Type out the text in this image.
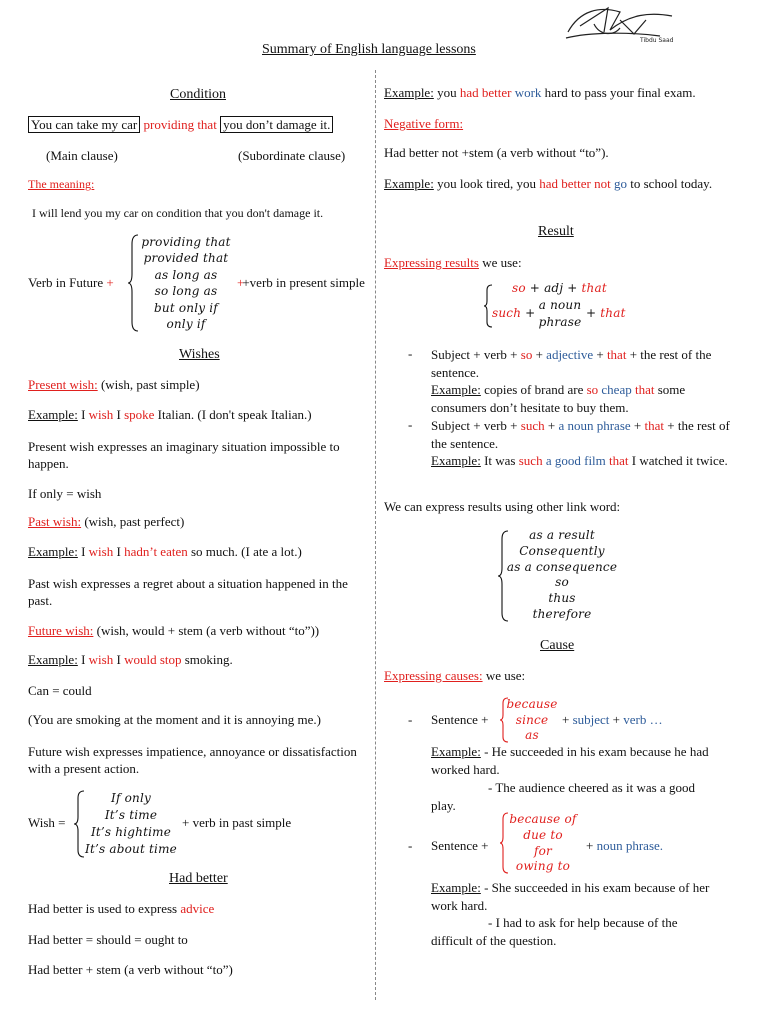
Tibdu Saad
Summary of English language lessons
Condition
You can take my car providing that you don’t damage it.
(Main clause)	(Subordinate clause)
The meaning:
I will lend you my car on condition that you don't damage it.
Verb in Future +
providing that
provided that
as long as
so long as
but only if
only if
++verb in present simple
Wishes
Present wish: (wish, past simple)
Example: I wish I spoke Italian. (I don't speak Italian.)
Present wish expresses an imaginary situation impossible to happen.
If only = wish
Past wish: (wish, past perfect)
Example: I wish I hadn’t eaten so much. (I ate a lot.)
Past wish expresses a regret about a situation happened in the past.
Future wish: (wish, would + stem (a verb without “to”))
Example: I wish I would stop smoking.
Can = could
(You are smoking at the moment and it is annoying me.)
Future wish expresses impatience, annoyance or dissatisfaction with a present action.
Wish =
If only
It’s time
It’s hightime
It’s about time
+ verb in past simple
Had better
Had better is used to express advice
Had better = should = ought to
Had better + stem (a verb without “to”)
Example: you had better work hard to pass your final exam.
Negative form:
Had better not +stem (a verb without “to”).
Example: you look tired, you had better not go to school today.
Result
Expressing results we use:
so + adj + that
such +
a noun
phrase
+ that
- Subject + verb + so + adjective + that + the rest of the sentence.
Example: copies of brand are so cheap that some consumers don’t hesitate to buy them.
- Subject + verb + such + a noun phrase + that + the rest of the sentence.
Example: It was such a good film that I watched it twice.
We can express results using other link word:
as a result
Consequently
as a consequence
so
thus
therefore
Cause
Expressing causes: we use:
- Sentence +
because
since
as
+ subject + verb …
Example: - He succeeded in his exam because he had worked hard.
- The audience cheered as it was a good play.
- Sentence +
because of
due to
for
owing to
+ noun phrase.
Example: - She succeeded in his exam because of her work hard.
- I had to ask for help because of the difficult of the question.
